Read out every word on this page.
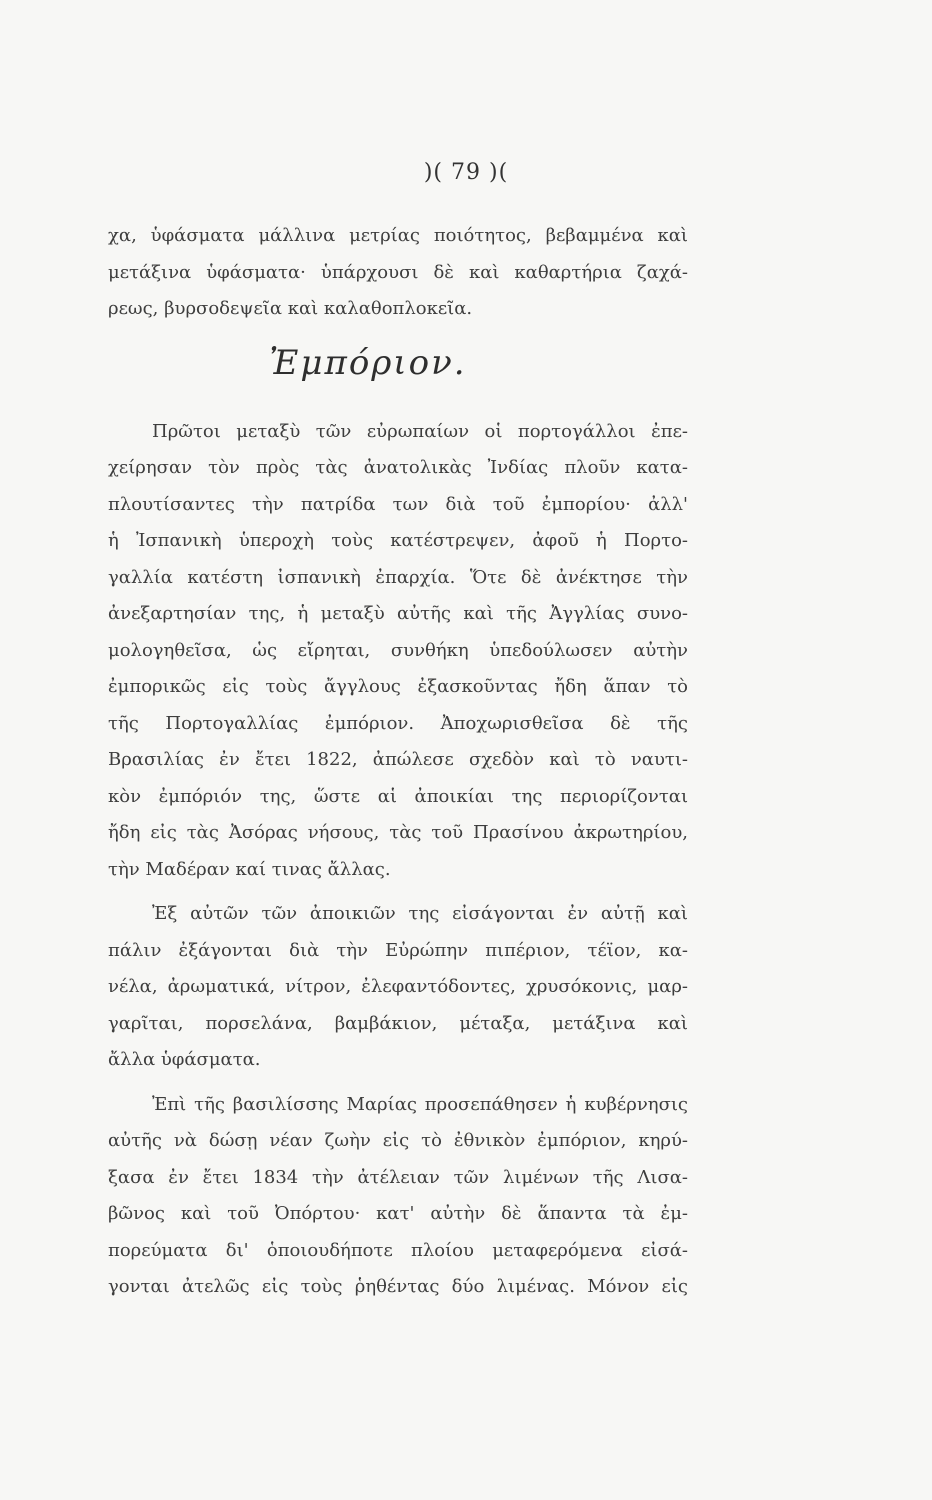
)( 79 )(
χα, ὑφάσματα μάλλινα μετρίας ποιότητος, βεβαμμένα καὶ
μετάξινα ὑφάσματα· ὑπάρχουσι δὲ καὶ καθαρτήρια ζαχά-
ρεως, βυρσοδεψεῖα καὶ καλαθοπλοκεῖα.
Ἐμπόριον.
Πρῶτοι μεταξὺ τῶν εὐρωπαίων οἱ πορτογάλλοι ἐπε-
χείρησαν τὸν πρὸς τὰς ἀνατολικὰς Ἰνδίας πλοῦν κατα-
πλουτίσαντες τὴν πατρίδα των διὰ τοῦ ἐμπορίου· ἀλλ'
ἡ Ἰσπανικὴ ὑπεροχὴ τοὺς κατέστρεψεν, ἀφοῦ ἡ Πορτο-
γαλλία κατέστη ἰσπανικὴ ἐπαρχία. Ὅτε δὲ ἀνέκτησε τὴν
ἀνεξαρτησίαν της, ἡ μεταξὺ αὐτῆς καὶ τῆς Ἀγγλίας συνο-
μολογηθεῖσα, ὡς εἴρηται, συνθήκη ὑπεδούλωσεν αὐτὴν
ἐμπορικῶς εἰς τοὺς ἄγγλους ἐξασκοῦντας ἤδη ἅπαν τὸ
τῆς Πορτογαλλίας ἐμπόριον. Ἀποχωρισθεῖσα δὲ τῆς
Βρασιλίας ἐν ἔτει 1822, ἀπώλεσε σχεδὸν καὶ τὸ ναυτι-
κὸν ἐμπόριόν της, ὥστε αἱ ἀποικίαι της περιορίζονται
ἤδη εἰς τὰς Ἀσόρας νήσους, τὰς τοῦ Πρασίνου ἀκρωτηρίου,
τὴν Μαδέραν καί τινας ἄλλας.
Ἐξ αὐτῶν τῶν ἀποικιῶν της εἰσάγονται ἐν αὐτῇ καὶ
πάλιν ἐξάγονται διὰ τὴν Εὐρώπην πιπέριον, τέϊον, κα-
νέλα, ἀρωματικά, νίτρον, ἐλεφαντόδοντες, χρυσόκονις, μαρ-
γαρῖται, πορσελάνα, βαμβάκιον, μέταξα, μετάξινα καὶ
ἄλλα ὑφάσματα.
Ἐπὶ τῆς βασιλίσσης Μαρίας προσεπάθησεν ἡ κυβέρνησις
αὐτῆς νὰ δώσῃ νέαν ζωὴν εἰς τὸ ἐθνικὸν ἐμπόριον, κηρύ-
ξασα ἐν ἔτει 1834 τὴν ἀτέλειαν τῶν λιμένων τῆς Λισα-
βῶνος καὶ τοῦ Ὀπόρτου· κατ' αὐτὴν δὲ ἅπαντα τὰ ἐμ-
πορεύματα δι' ὁποιουδήποτε πλοίου μεταφερόμενα εἰσά-
γονται ἀτελῶς εἰς τοὺς ῥηθέντας δύο λιμένας. Μόνον εἰς
